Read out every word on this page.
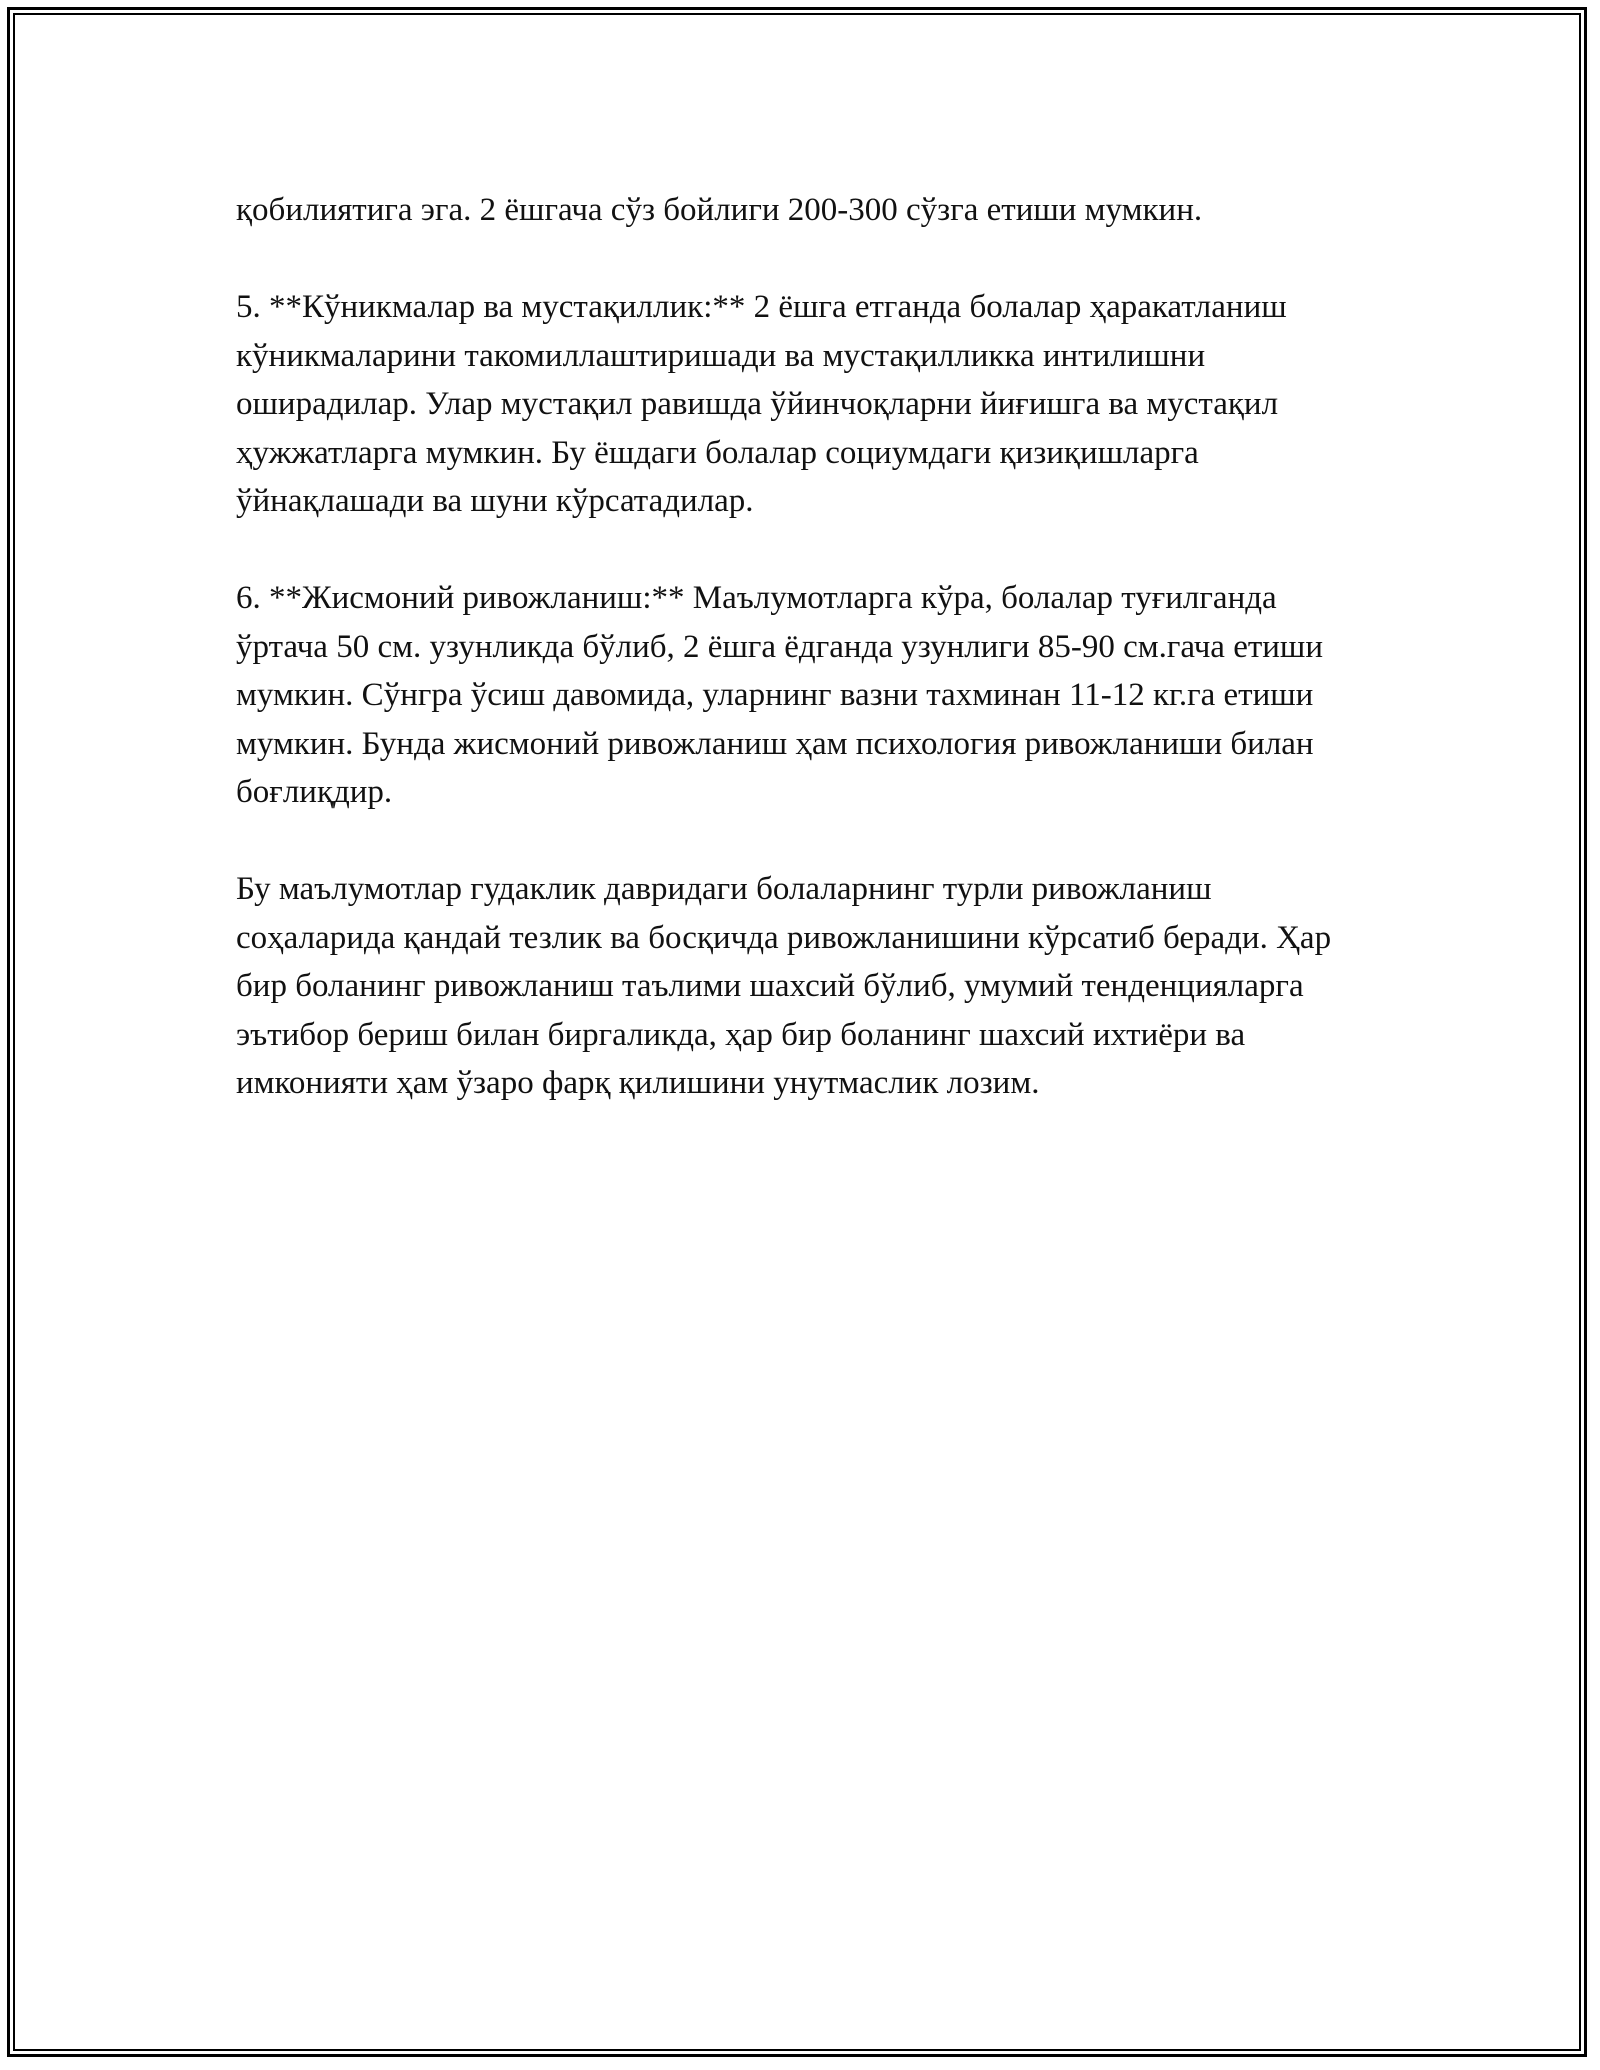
қобилиятига эга. 2 ёшгача сўз бойлиги 200-300 сўзга етиши мумкин.

5. **Кўникмалар ва мустақиллик:** 2 ёшга етганда болалар ҳаракатланиш кўникмаларини такомиллаштиришади ва мустақилликка интилишни оширадилар. Улар мустақил равишда ўйинчоқларни йиғишга ва мустақил ҳужжатларга мумкин. Бу ёшдаги болалар социумдаги қизиқишларга ўйнақлашади ва шуни кўрсатадилар.

6. **Жисмоний ривожланиш:** Маълумотларга кўра, болалар туғилганда ўртача 50 см. узунликда бўлиб, 2 ёшга ёдганда узунлиги 85-90 см.гача етиши мумкин. Сўнгра ўсиш давомида, уларнинг вазни тахминан 11-12 кг.га етиши мумкин. Бунда жисмоний ривожланиш ҳам психология ривожланиши билан боғлиқдир.

Бу маълумотлар гудаклик давридаги болаларнинг турли ривожланиш соҳаларида қандай тезлик ва босқичда ривожланишини кўрсатиб беради. Ҳар бир боланинг ривожланиш таълими шахсий бўлиб, умумий тенденцияларга эътибор бериш билан биргаликда, ҳар бир боланинг шахсий ихтиёри ва имконияти ҳам ўзаро фарқ қилишини унутмаслик лозим.
